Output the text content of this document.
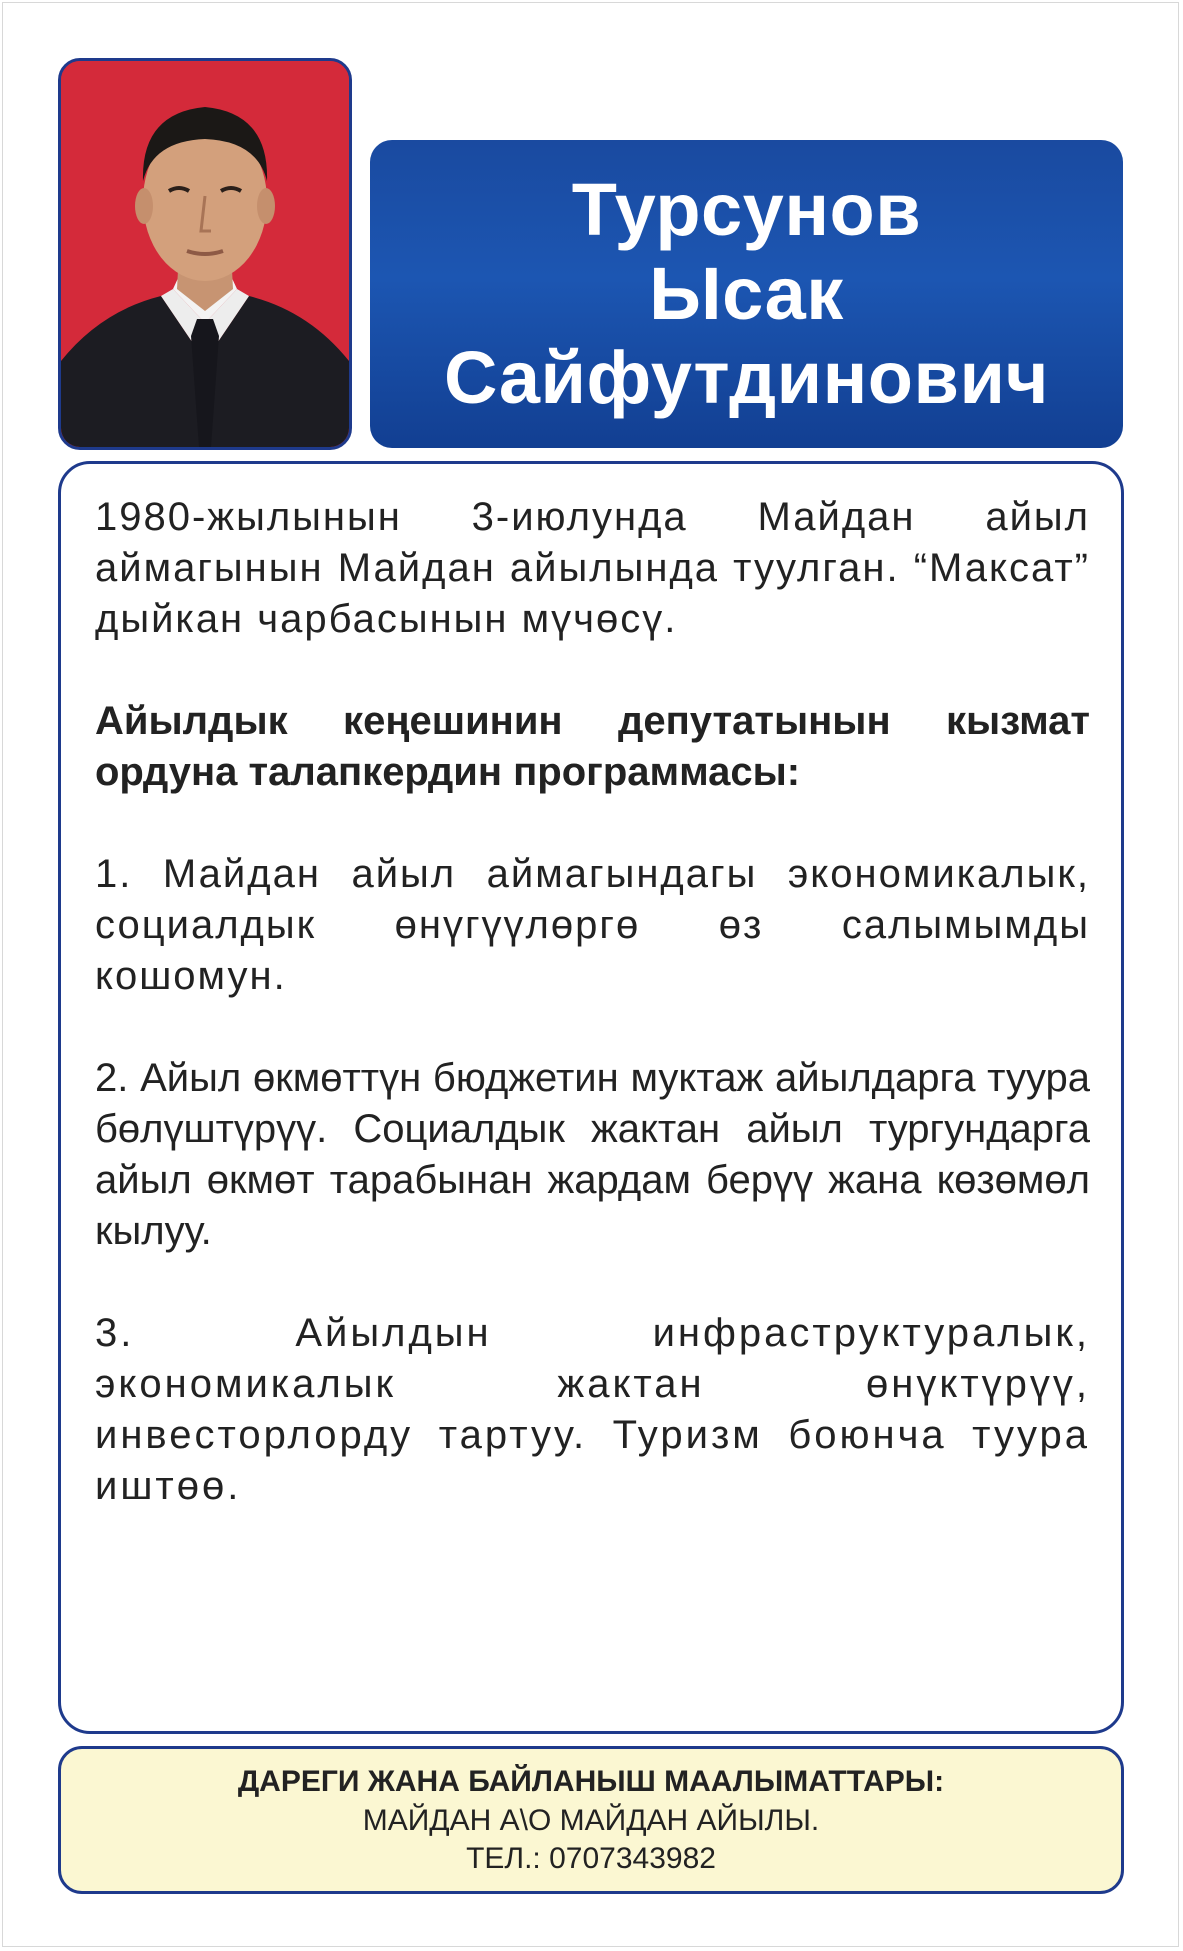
Турсунов
Ысак
Сайфутдинович

1980-жылынын 3-июлунда Майдан айыл аймагынын Майдан айылында туулган. “Максат” дыйкан чарбасынын мүчөсү.

Айылдык кеңешинин депутатынын кызмат ордуна талапкердин программасы:

1. Майдан айыл аймагындагы экономикалык, социалдык өнүгүүлөргө өз салымымды кошомун.

2. Айыл өкмөттүн бюджетин муктаж айылдарга туура бөлүштүрүү. Социалдык жактан айыл тургундарга айыл өкмөт тарабынан жардам берүү жана көзөмөл кылуу.

3. Айылдын инфраструктуралык, экономикалык жактан өнүктүрүү, инвесторлорду тартуу. Туризм боюнча туура иштөө.

ДАРЕГИ ЖАНА БАЙЛАНЫШ МААЛЫМАТТАРЫ:
МАЙДАН А\О МАЙДАН АЙЫЛЫ.
ТЕЛ.: 0707343982
